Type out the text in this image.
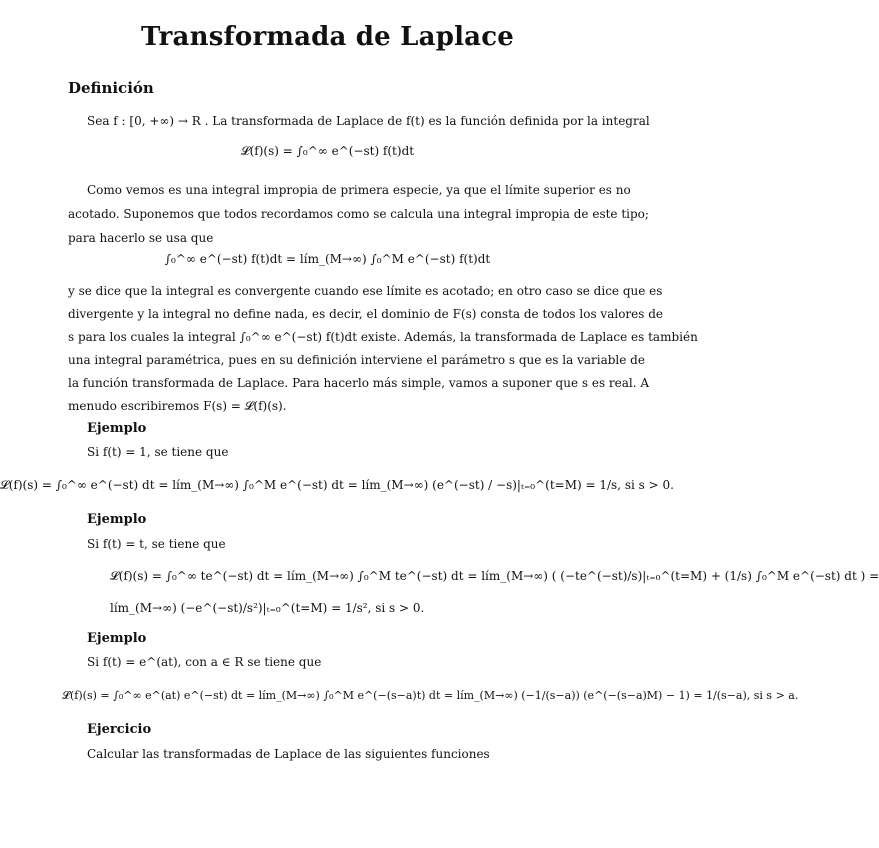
Transformada de Laplace
Definición
Sea f : [0, +∞) → R . La transformada de Laplace de f(t) es la función definida por la integral
𝓛(f)(s) = ∫₀^∞ e^(−st) f(t)dt
Como vemos es una integral impropia de primera especie, ya que el límite superior es no
acotado. Suponemos que todos recordamos como se calcula una integral impropia de este tipo;
para hacerlo se usa que
∫₀^∞ e^(−st) f(t)dt = lím_(M→∞) ∫₀^M e^(−st) f(t)dt
y se dice que la integral es convergente cuando ese límite es acotado; en otro caso se dice que es
divergente y la integral no define nada, es decir, el dominio de F(s) consta de todos los valores de
s para los cuales la integral ∫₀^∞ e^(−st) f(t)dt existe. Además, la transformada de Laplace es también
una integral paramétrica, pues en su definición interviene el parámetro s que es la variable de
la función transformada de Laplace. Para hacerlo más simple, vamos a suponer que s es real. A
menudo escribiremos F(s) = 𝓛(f)(s).
Ejemplo
Si f(t) = 1, se tiene que
𝓛(f)(s) = ∫₀^∞ e^(−st) dt = lím_(M→∞) ∫₀^M e^(−st) dt = lím_(M→∞) (e^(−st) / −s)|ₜ₌₀^(t=M) = 1/s, si s > 0.
Ejemplo
Si f(t) = t, se tiene que
𝓛(f)(s) = ∫₀^∞ te^(−st) dt = lím_(M→∞) ∫₀^M te^(−st) dt = lím_(M→∞) ( (−te^(−st)/s)|ₜ₌₀^(t=M) + (1/s) ∫₀^M e^(−st) dt ) =
lím_(M→∞) (−e^(−st)/s²)|ₜ₌₀^(t=M) = 1/s², si s > 0.
Ejemplo
Si f(t) = e^(at), con a ∈ R se tiene que
𝓛(f)(s) = ∫₀^∞ e^(at) e^(−st) dt = lím_(M→∞) ∫₀^M e^(−(s−a)t) dt = lím_(M→∞) (−1/(s−a)) (e^(−(s−a)M) − 1) = 1/(s−a), si s > a.
Ejercicio
Calcular las transformadas de Laplace de las siguientes funciones
